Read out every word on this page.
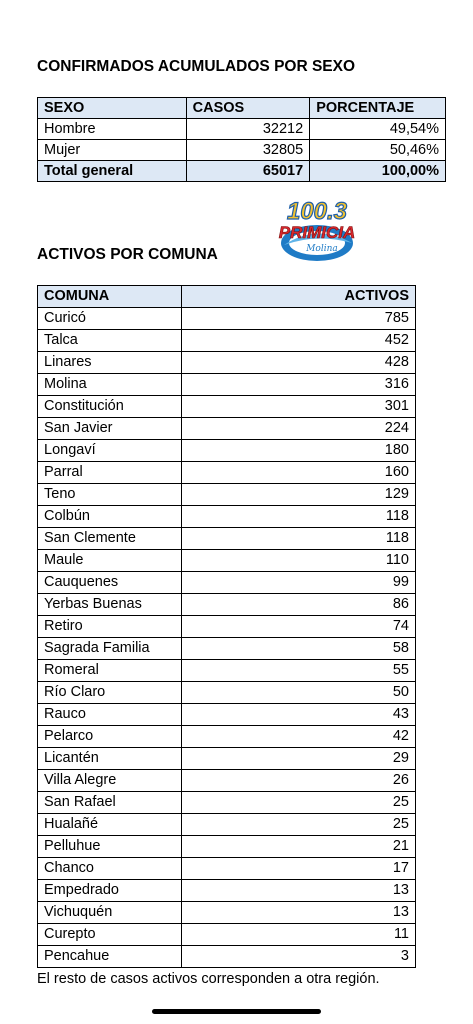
CONFIRMADOS ACUMULADOS POR SEXO
SEXO	CASOS	PORCENTAJE
Hombre	32212	49,54%
Mujer	32805	50,46%
Total general	65017	100,00%
100.3
PRIMICIA
Molina
ACTIVOS POR COMUNA
COMUNA	ACTIVOS
Curicó	785
Talca	452
Linares	428
Molina	316
Constitución	301
San Javier	224
Longaví	180
Parral	160
Teno	129
Colbún	118
San Clemente	118
Maule	110
Cauquenes	99
Yerbas Buenas	86
Retiro	74
Sagrada Familia	58
Romeral	55
Río Claro	50
Rauco	43
Pelarco	42
Licantén	29
Villa Alegre	26
San Rafael	25
Hualañé	25
Pelluhue	21
Chanco	17
Empedrado	13
Vichuquén	13
Curepto	11
Pencahue	3
El resto de casos activos corresponden a otra región.
